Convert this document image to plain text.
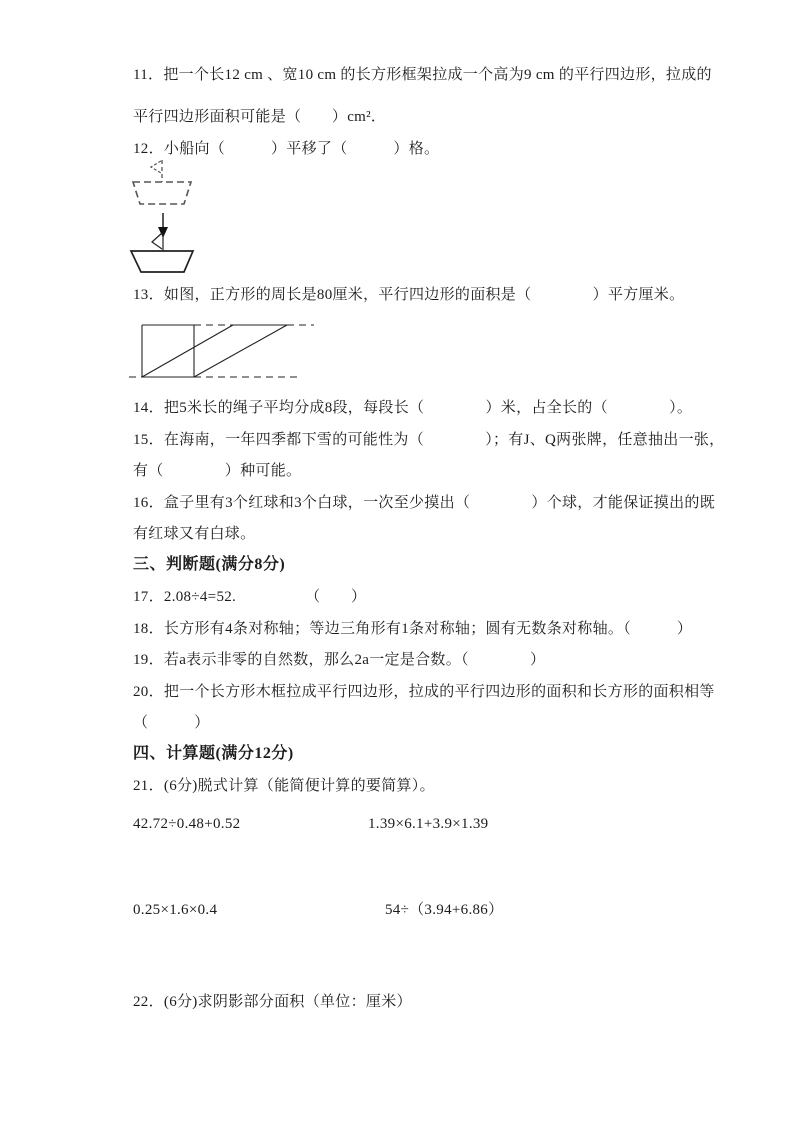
11．把一个长12 cm 、宽10 cm 的长方形框架拉成一个高为9 cm 的平行四边形，拉成的
平行四边形面积可能是（　　）cm²．
12．小船向（　　　）平移了（　　　）格。
13．如图，正方形的周长是80厘米，平行四边形的面积是（　　　　）平方厘米。
14．把5米长的绳子平均分成8段，每段长（　　　　）米，占全长的（　　　　）。
15．在海南，一年四季都下雪的可能性为（　　　　）；有J、Q两张牌，任意抽出一张，
有（　　　　）种可能。
16．盒子里有3个红球和3个白球，一次至少摸出（　　　　）个球，才能保证摸出的既
有红球又有白球。
三、判断题(满分8分)
17．2.08÷4=52.　　　　　（　　）
18．长方形有4条对称轴；等边三角形有1条对称轴；圆有无数条对称轴。（　　　）
19．若a表示非零的自然数，那么2a一定是合数。（　　　　）
20．把一个长方形木框拉成平行四边形，拉成的平行四边形的面积和长方形的面积相等
（　　　）
四、计算题(满分12分)
21．(6分)脱式计算（能简便计算的要简算）。
42.72÷0.48+0.52	1.39×6.1+3.9×1.39
0.25×1.6×0.4	54÷（3.94+6.86）
22．(6分)求阴影部分面积（单位：厘米）
